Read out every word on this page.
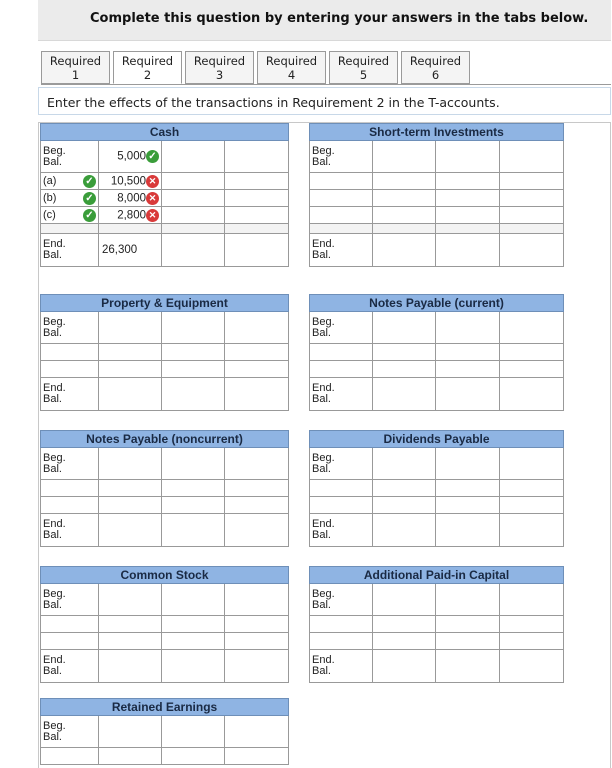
Complete this question by entering your answers in the tabs below.
Required
1
Required
2
Required
3
Required
4
Required
5
Required
6
Enter the effects of the transactions in Requirement 2 in the T-accounts.
Cash			
Beg.
Bal.	5,000 ✓		
(a) ✓	10,500 ✕		
(b) ✓	8,000 ✕		
(c) ✓	2,800 ✕		

End.
Bal.	26,300		
Short-term Investments			
Beg.
Bal.			

End.
Bal.			
Property & Equipment			
Beg.
Bal.			

End.
Bal.			
Notes Payable (current)			
Beg.
Bal.			

End.
Bal.			
Notes Payable (noncurrent)			
Beg.
Bal.			

End.
Bal.			
Dividends Payable			
Beg.
Bal.			

End.
Bal.			
Common Stock			
Beg.
Bal.			

End.
Bal.			
Additional Paid-in Capital			
Beg.
Bal.			

End.
Bal.			
Retained Earnings			
Beg.
Bal.			
